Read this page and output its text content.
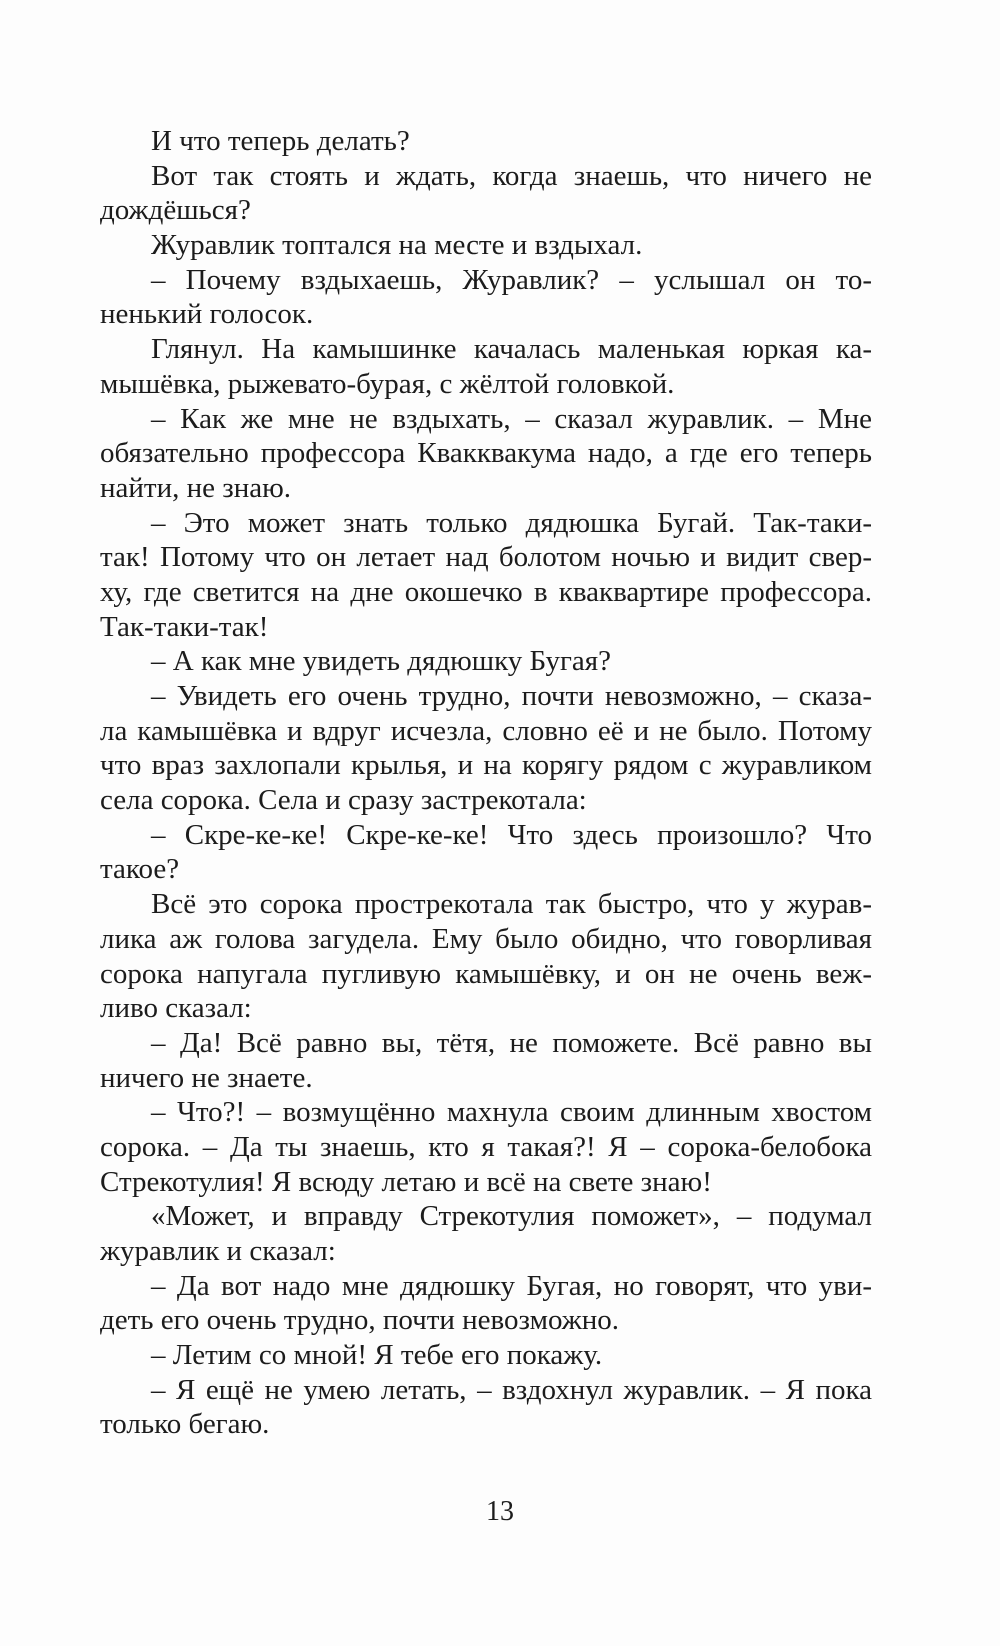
И что теперь делать?
Вот так стоять и ждать, когда знаешь, что ничего не
дождёшься?
Журавлик топтался на месте и вздыхал.
– Почему вздыхаешь, Журавлик? – услышал он то-
ненький голосок.
Глянул. На камышинке качалась маленькая юркая ка-
мышёвка, рыжевато-бурая, с жёлтой головкой.
– Как же мне не вздыхать, – сказал журавлик. – Мне
обязательно профессора Квакквакума надо, а где его теперь
найти, не знаю.
– Это может знать только дядюшка Бугай. Так-таки-
так! Потому что он летает над болотом ночью и видит свер-
ху, где светится на дне окошечко в кваквартире профессора.
Так-таки-так!
– А как мне увидеть дядюшку Бугая?
– Увидеть его очень трудно, почти невозможно, – сказа-
ла камышёвка и вдруг исчезла, словно её и не было. Потому
что враз захлопали крылья, и на корягу рядом с журавликом
села сорока. Села и сразу застрекотала:
– Скре-ке-ке! Скре-ке-ке! Что здесь произошло? Что
такое?
Всё это сорока прострекотала так быстро, что у журав-
лика аж голова загудела. Ему было обидно, что говорливая
сорока напугала пугливую камышёвку, и он не очень веж-
ливо сказал:
– Да! Всё равно вы, тётя, не поможете. Всё равно вы
ничего не знаете.
– Что?! – возмущённо махнула своим длинным хвостом
сорока. – Да ты знаешь, кто я такая?! Я – сорока-белобока
Стрекотулия! Я всюду летаю и всё на свете знаю!
«Может, и вправду Стрекотулия поможет», – подумал
журавлик и сказал:
– Да вот надо мне дядюшку Бугая, но говорят, что уви-
деть его очень трудно, почти невозможно.
– Летим со мной! Я тебе его покажу.
– Я ещё не умею летать, – вздохнул журавлик. – Я пока
только бегаю.
13
